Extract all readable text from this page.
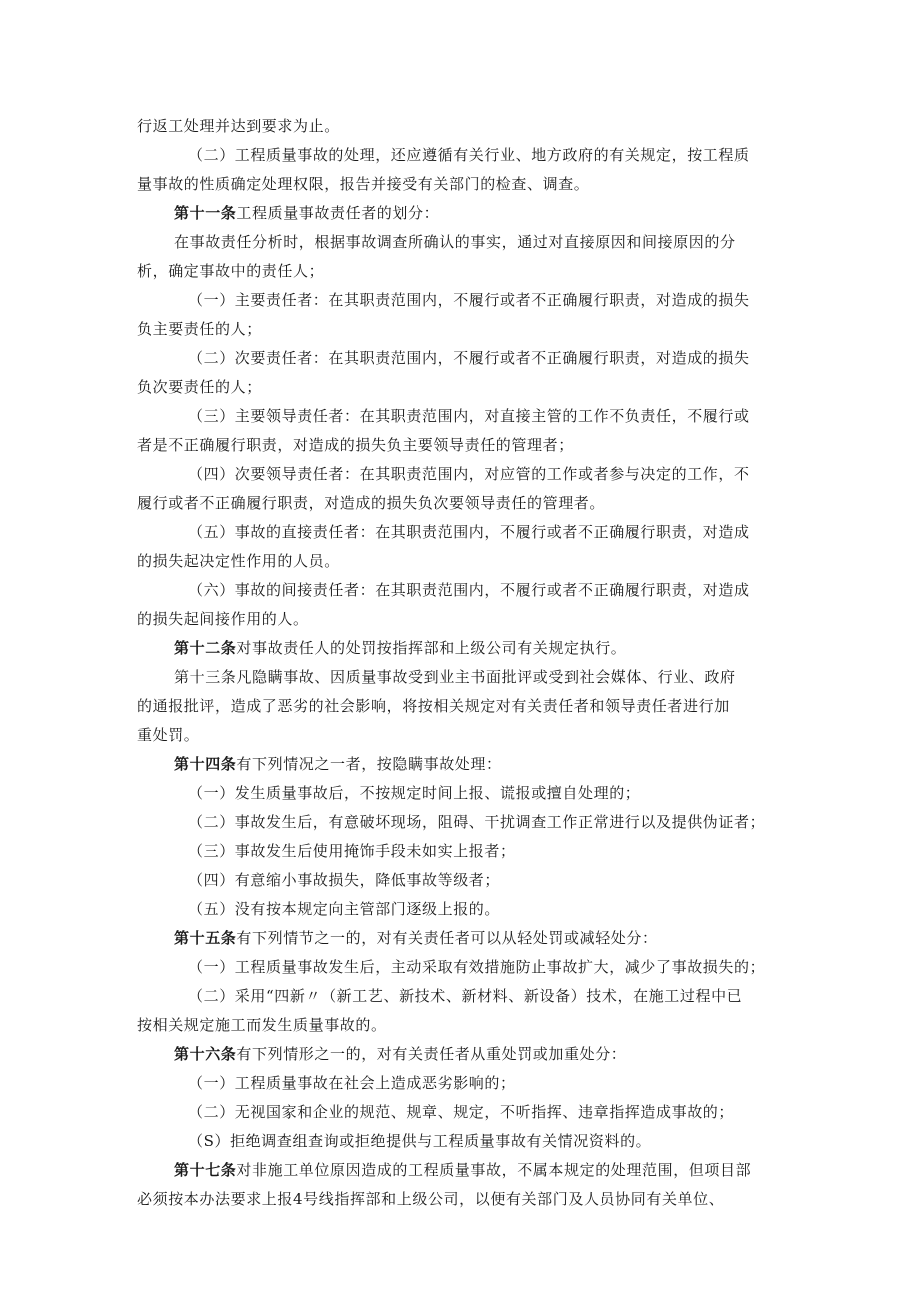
行返工处理并达到要求为止。
（二）工程质量事故的处理，还应遵循有关行业、地方政府的有关规定，按工程质
量事故的性质确定处理权限，报告并接受有关部门的检查、调查。
第十一条工程质量事故责任者的划分：
在事故责任分析时，根据事故调查所确认的事实，通过对直接原因和间接原因的分
析，确定事故中的责任人；
（一）主要责任者：在其职责范围内，不履行或者不正确履行职责，对造成的损失
负主要责任的人；
（二）次要责任者：在其职责范围内，不履行或者不正确履行职责，对造成的损失
负次要责任的人；
（三）主要领导责任者：在其职责范围内，对直接主管的工作不负责任，不履行或
者是不正确履行职责，对造成的损失负主要领导责任的管理者；
（四）次要领导责任者：在其职责范围内，对应管的工作或者参与决定的工作，不
履行或者不正确履行职责，对造成的损失负次要领导责任的管理者。
（五）事故的直接责任者：在其职责范围内，不履行或者不正确履行职责，对造成
的损失起决定性作用的人员。
（六）事故的间接责任者：在其职责范围内，不履行或者不正确履行职责，对造成
的损失起间接作用的人。
第十二条对事故责任人的处罚按指挥部和上级公司有关规定执行。
第十三条凡隐瞒事故、因质量事故受到业主书面批评或受到社会媒体、行业、政府
的通报批评，造成了恶劣的社会影响，将按相关规定对有关责任者和领导责任者进行加
重处罚。
第十四条有下列情况之一者，按隐瞒事故处理：
（一）发生质量事故后，不按规定时间上报、谎报或擅自处理的；
（二）事故发生后，有意破坏现场，阻碍、干扰调查工作正常进行以及提供伪证者；
（三）事故发生后使用掩饰手段未如实上报者；
（四）有意缩小事故损失，降低事故等级者；
（五）没有按本规定向主管部门逐级上报的。
第十五条有下列情节之一的，对有关责任者可以从轻处罚或减轻处分：
（一）工程质量事故发生后，主动采取有效措施防止事故扩大，减少了事故损失的；
（二）采用“四新〃（新工艺、新技术、新材料、新设备）技术，在施工过程中已
按相关规定施工而发生质量事故的。
第十六条有下列情形之一的，对有关责任者从重处罚或加重处分：
（一）工程质量事故在社会上造成恶劣影响的；
（二）无视国家和企业的规范、规章、规定，不听指挥、违章指挥造成事故的；
（S）拒绝调查组查询或拒绝提供与工程质量事故有关情况资料的。
第十七条对非施工单位原因造成的工程质量事故，不属本规定的处理范围，但项目部
必须按本办法要求上报4号线指挥部和上级公司，以便有关部门及人员协同有关单位、
